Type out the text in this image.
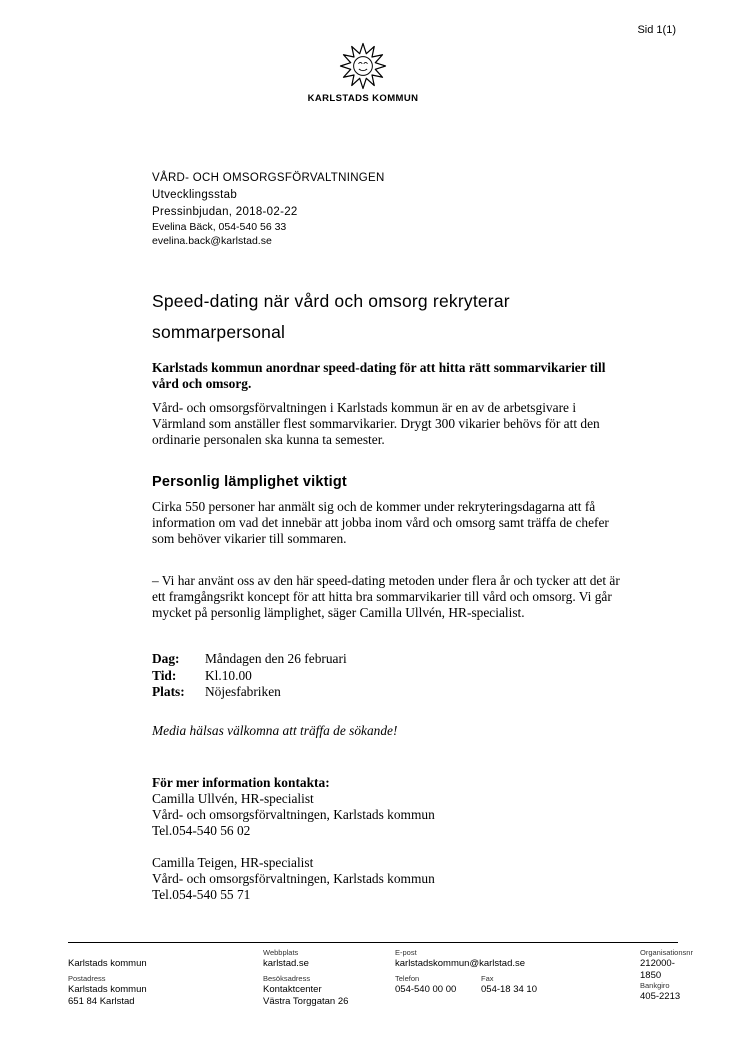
Sid 1(1)
KARLSTADS KOMMUN
VÅRD- OCH OMSORGSFÖRVALTNINGEN
Utvecklingsstab
Pressinbjudan, 2018-02-22
Evelina Bäck, 054-540 56 33
evelina.back@karlstad.se
Speed-dating när vård och omsorg rekryterar sommarpersonal

Karlstads kommun anordnar speed-dating för att hitta rätt sommarvikarier till vård och omsorg.

Vård- och omsorgsförvaltningen i Karlstads kommun är en av de arbetsgivare i Värmland som anställer flest sommarvikarier. Drygt 300 vikarier behövs för att den ordinarie personalen ska kunna ta semester.

Personlig lämplighet viktigt

Cirka 550 personer har anmält sig och de kommer under rekryteringsdagarna att få information om vad det innebär att jobba inom vård och omsorg samt träffa de chefer som behöver vikarier till sommaren.

– Vi har använt oss av den här speed-dating metoden under flera år och tycker att det är ett framgångsrikt koncept för att hitta bra sommarvikarier till vård och omsorg. Vi går mycket på personlig lämplighet, säger Camilla Ullvén, HR-specialist.

Dag:	Måndagen den 26 februari
Tid:	Kl.10.00
Plats:	Nöjesfabriken

Media hälsas välkomna att träffa de sökande!

För mer information kontakta:
Camilla Ullvén, HR-specialist
Vård- och omsorgsförvaltningen, Karlstads kommun
Tel.054-540 56 02
Camilla Teigen, HR-specialist
Vård- och omsorgsförvaltningen, Karlstads kommun
Tel.054-540 55 71
Karlstads kommun
Postadress
Karlstads kommun
651 84 Karlstad
Webbplats
karlstad.se
Besöksadress
Kontaktcenter
Västra Torggatan 26
E-post
karlstadskommun@karlstad.se
Telefon
054-540 00 00
Fax
054-18 34 10
Organisationsnr
212000-1850
Bankgiro
405-2213
